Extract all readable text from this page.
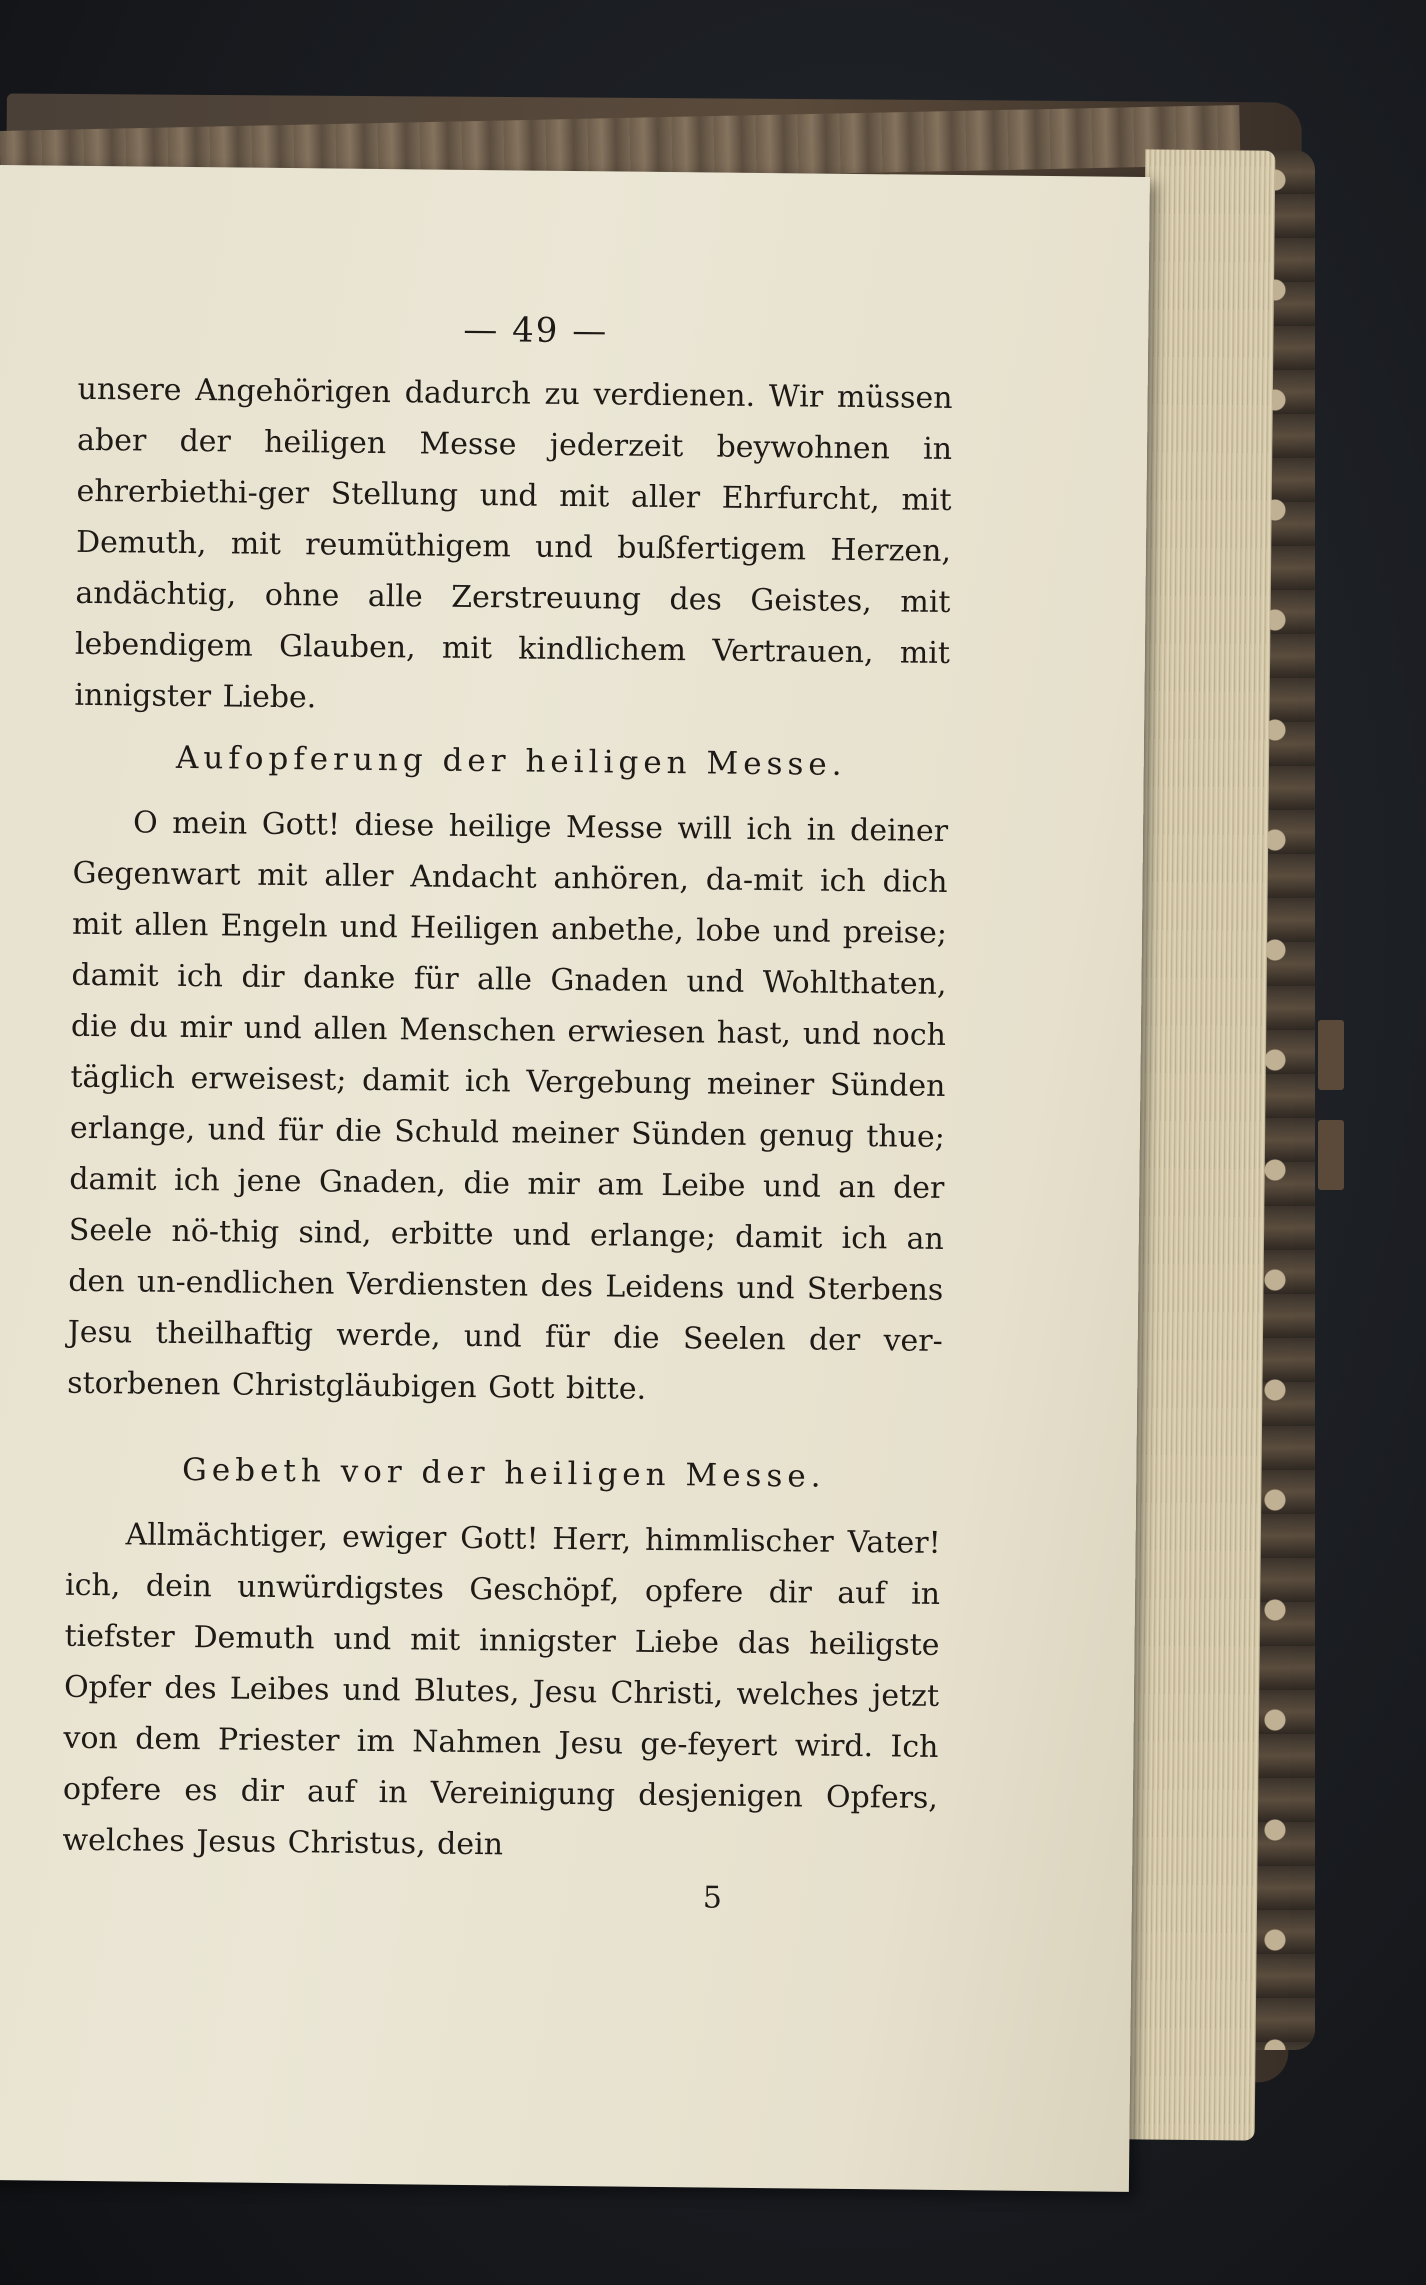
— 49 —

unsere Angehörigen dadurch zu verdienen. Wir müssen aber der heiligen Messe jederzeit beywohnen in ehrerbiethi-ger Stellung und mit aller Ehrfurcht, mit Demuth, mit reumüthigem und bußfertigem Herzen, andächtig, ohne alle Zerstreuung des Geistes, mit lebendigem Glauben, mit kindlichem Vertrauen, mit innigster Liebe.

Aufopferung der heiligen Messe.

O mein Gott! diese heilige Messe will ich in deiner Gegenwart mit aller Andacht anhören, da-mit ich dich mit allen Engeln und Heiligen anbethe, lobe und preise; damit ich dir danke für alle Gnaden und Wohlthaten, die du mir und allen Menschen erwiesen hast, und noch täglich erweisest; damit ich Vergebung meiner Sünden erlange, und für die Schuld meiner Sünden genug thue; damit ich jene Gnaden, die mir am Leibe und an der Seele nö-thig sind, erbitte und erlange; damit ich an den un-endlichen Verdiensten des Leidens und Sterbens Jesu theilhaftig werde, und für die Seelen der ver-storbenen Christgläubigen Gott bitte.

Gebeth vor der heiligen Messe.

Allmächtiger, ewiger Gott! Herr, himmlischer Vater! ich, dein unwürdigstes Geschöpf, opfere dir auf in tiefster Demuth und mit innigster Liebe das heiligste Opfer des Leibes und Blutes, Jesu Christi, welches jetzt von dem Priester im Nahmen Jesu ge-feyert wird. Ich opfere es dir auf in Vereinigung desjenigen Opfers, welches Jesus Christus, dein

5
